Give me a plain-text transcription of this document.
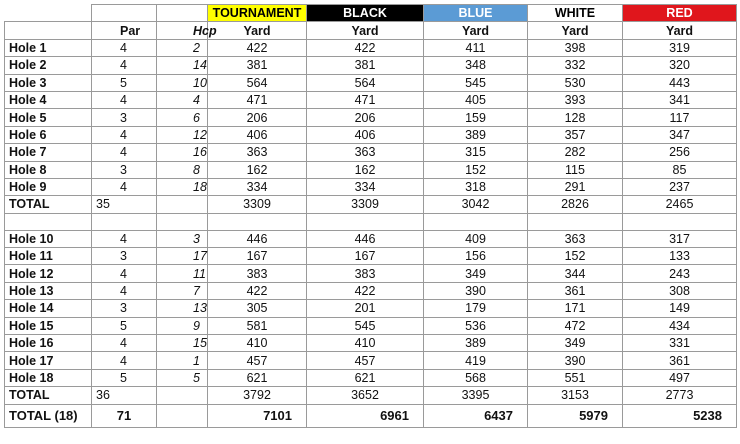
			TOURNAMENT	BLACK	BLUE	WHITE	RED
	Par	Hcp	Yard	Yard	Yard	Yard	Yard
Hole 1	4	2	422	422	411	398	319
Hole 2	4	14	381	381	348	332	320
Hole 3	5	10	564	564	545	530	443
Hole 4	4	4	471	471	405	393	341
Hole 5	3	6	206	206	159	128	117
Hole 6	4	12	406	406	389	357	347
Hole 7	4	16	363	363	315	282	256
Hole 8	3	8	162	162	152	115	85
Hole 9	4	18	334	334	318	291	237
TOTAL	35		3309	3309	3042	2826	2465

Hole 10	4	3	446	446	409	363	317
Hole 11	3	17	167	167	156	152	133
Hole 12	4	11	383	383	349	344	243
Hole 13	4	7	422	422	390	361	308
Hole 14	3	13	305	201	179	171	149
Hole 15	5	9	581	545	536	472	434
Hole 16	4	15	410	410	389	349	331
Hole 17	4	1	457	457	419	390	361
Hole 18	5	5	621	621	568	551	497
TOTAL	36		3792	3652	3395	3153	2773
TOTAL (18)	71		7101	6961	6437	5979	5238
